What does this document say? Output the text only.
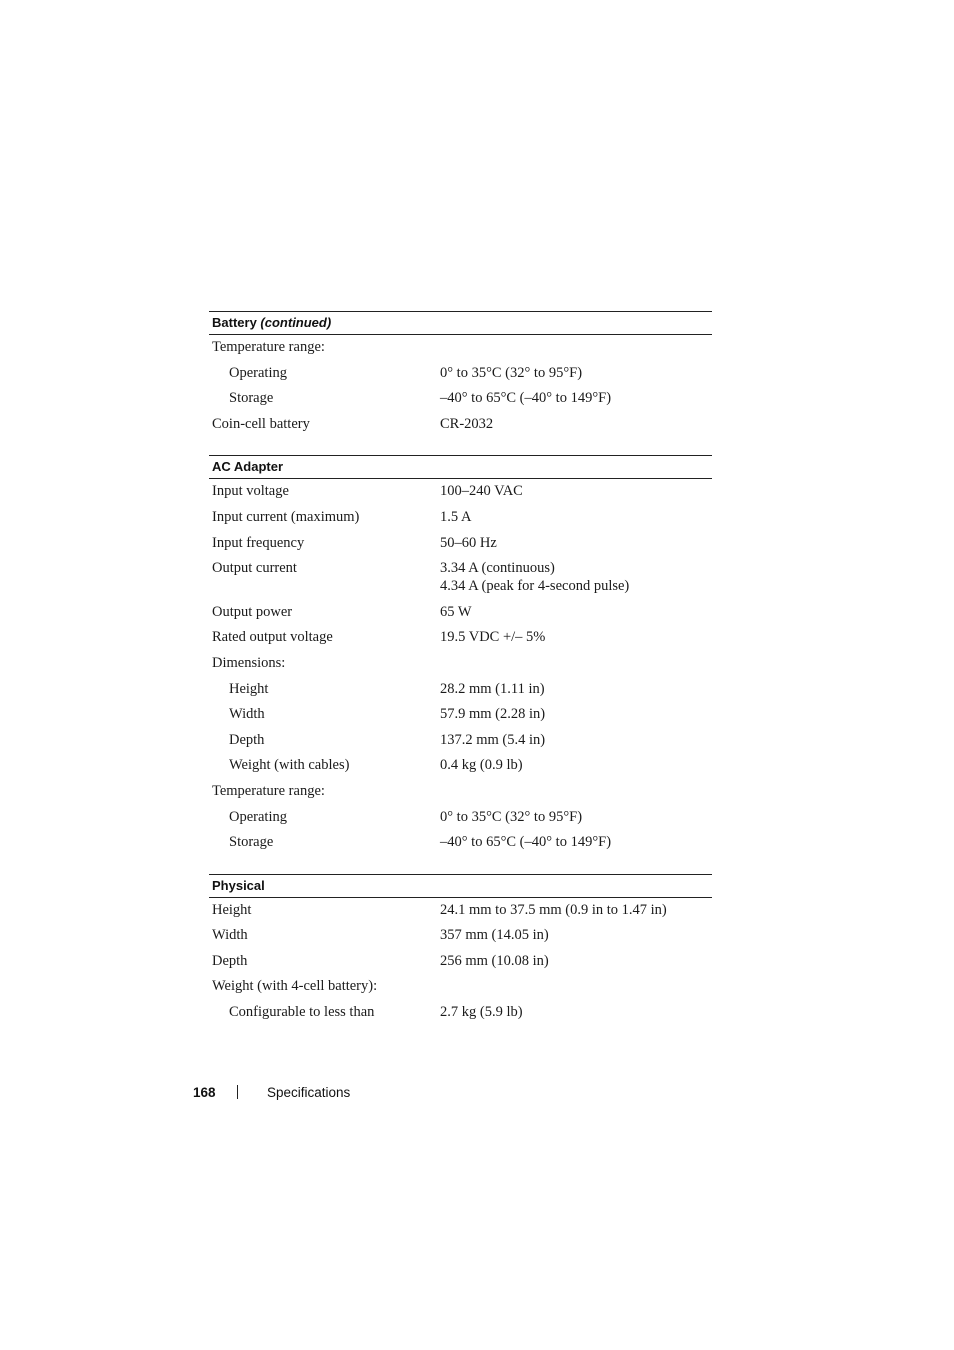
Battery (continued)
Temperature range:
Operating	0° to 35°C (32° to 95°F)
Storage	–40° to 65°C (–40° to 149°F)
Coin-cell battery	CR-2032
AC Adapter
Input voltage	100–240 VAC
Input current (maximum)	1.5 A
Input frequency	50–60 Hz
Output current	3.34 A (continuous)
4.34 A (peak for 4-second pulse)
Output power	65 W
Rated output voltage	19.5 VDC +/– 5%
Dimensions:
Height	28.2 mm (1.11 in)
Width	57.9 mm (2.28 in)
Depth	137.2 mm (5.4 in)
Weight (with cables)	0.4 kg (0.9 lb)
Temperature range:
Operating	0° to 35°C (32° to 95°F)
Storage	–40° to 65°C (–40° to 149°F)
Physical
Height	24.1 mm to 37.5 mm (0.9 in to 1.47 in)
Width	357 mm (14.05 in)
Depth	256 mm (10.08 in)
Weight (with 4-cell battery):
Configurable to less than	2.7 kg (5.9 lb)
168	Specifications
